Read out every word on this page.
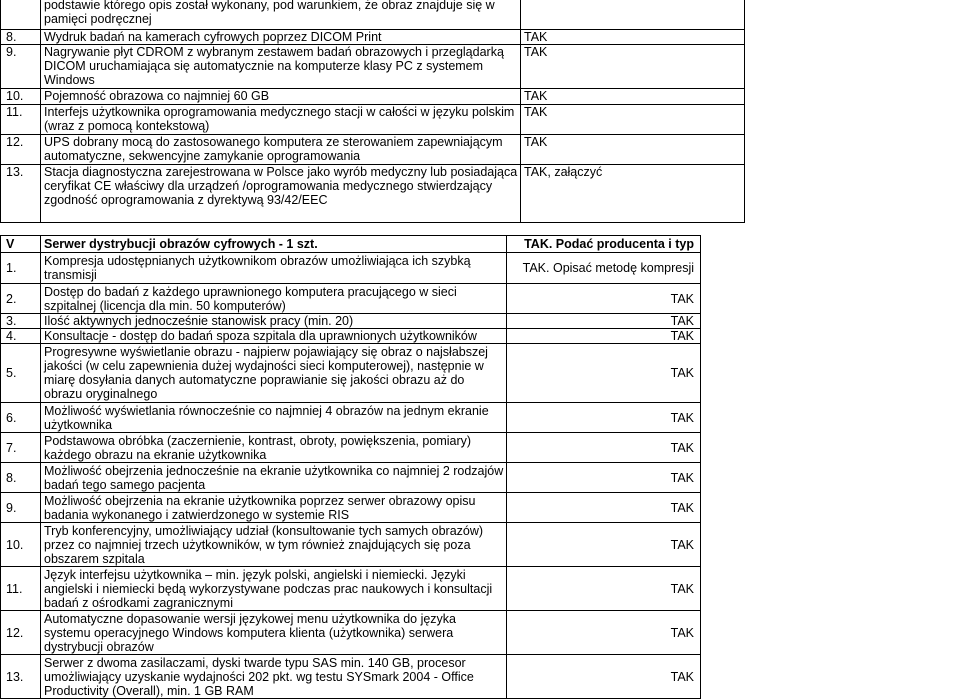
	podstawie którego opis został wykonany, pod warunkiem, że obraz znajduje się w pamięci podręcznej	
8.	Wydruk badań na kamerach cyfrowych poprzez DICOM Print	TAK
9.	Nagrywanie płyt CDROM z wybranym zestawem badań obrazowych i przeglądarką DICOM uruchamiająca się automatycznie na komputerze klasy PC z systemem Windows	TAK
10.	Pojemność obrazowa co najmniej 60 GB	TAK
11.	Interfejs użytkownika oprogramowania medycznego stacji w całości w języku polskim (wraz z pomocą kontekstową)	TAK
12.	UPS dobrany mocą do zastosowanego komputera ze sterowaniem zapewniającym automatyczne, sekwencyjne zamykanie oprogramowania	TAK
13.	Stacja diagnostyczna zarejestrowana w Polsce jako wyrób medyczny lub posiadająca ceryfikat CE właściwy dla urządzeń /oprogramowania medycznego stwierdzający zgodność oprogramowania z dyrektywą 93/42/EEC	TAK, załączyć
V	Serwer dystrybucji obrazów cyfrowych - 1 szt.	TAK. Podać producenta i typ
1.	Kompresja udostępnianych użytkownikom obrazów umożliwiająca ich szybką transmisji	TAK. Opisać metodę kompresji
2.	Dostęp do badań z każdego uprawnionego komputera pracującego w sieci szpitalnej (licencja dla min. 50 komputerów)	TAK
3.	Ilość aktywnych jednocześnie stanowisk pracy (min. 20)	TAK
4.	Konsultacje - dostęp do badań spoza szpitala dla uprawnionych użytkowników	TAK
5.	Progresywne wyświetlanie obrazu - najpierw pojawiający się obraz o najsłabszej jakości (w celu zapewnienia dużej wydajności sieci komputerowej), następnie w miarę dosyłania danych automatyczne poprawianie się jakości obrazu aż do obrazu oryginalnego	TAK
6.	Możliwość wyświetlania równocześnie co najmniej 4 obrazów na jednym ekranie użytkownika	TAK
7.	Podstawowa obróbka (zaczernienie, kontrast, obroty, powiększenia, pomiary) każdego obrazu na ekranie użytkownika	TAK
8.	Możliwość obejrzenia jednocześnie na ekranie użytkownika co najmniej 2 rodzajów badań tego samego pacjenta	TAK
9.	Możliwość obejrzenia na ekranie użytkownika poprzez serwer obrazowy opisu badania wykonanego i zatwierdzonego w systemie RIS	TAK
10.	Tryb konferencyjny, umożliwiający udział (konsultowanie tych samych obrazów) przez co najmniej trzech użytkowników, w tym również znajdujących się poza obszarem szpitala	TAK
11.	Język interfejsu użytkownika – min. język polski, angielski i niemiecki. Języki angielski i niemiecki będą wykorzystywane podczas prac naukowych i konsultacji badań z ośrodkami zagranicznymi	TAK
12.	Automatyczne dopasowanie wersji językowej menu użytkownika do języka systemu operacyjnego Windows komputera klienta (użytkownika) serwera dystrybucji obrazów	TAK
13.	Serwer z dwoma zasilaczami, dyski twarde typu SAS min. 140 GB, procesor umożliwiający uzyskanie wydajności 202 pkt. wg testu SYSmark 2004 - Office Productivity (Overall), min. 1 GB RAM	TAK
